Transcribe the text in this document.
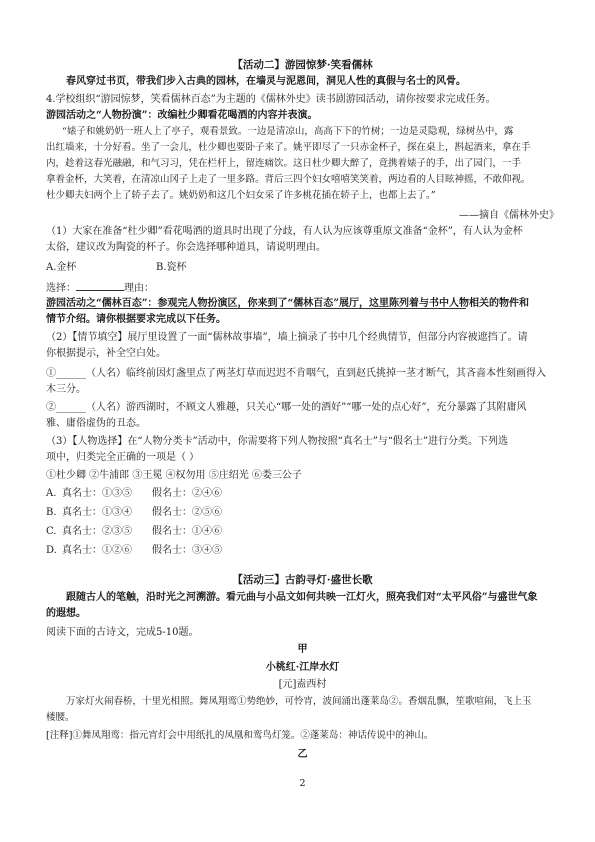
【活动二】游园惊梦·笑看儒林
春风穿过书页，带我们步入古典的园林，在墙灵与泥恩间，洞见人性的真假与名士的风骨。
4.学校组织“游园惊梦，笑看儒林百态”为主题的《儒林外史》读书剧游园活动，请你按要求完成任务。
游园活动之“人物扮演”：改编杜少卿看花喝酒的内容并表演。
“婊子和姚奶奶一班人上了亭子，观看景致。一边是清凉山，高高下下的竹树；一边是灵隐观，绿树丛中，露
出红墙来，十分好看。坐了一会儿，杜少卿也要卧子来了。姚平即尽了一只赤金杯子，探在桌上，斟起酒来，拿在手
内，趁着这春光融融，和气习习，凭在栏杆上，留连痛饮。这日杜少卿大醉了，竟携着婊子的手，出了园门，一手
拿着金杯，大笑着，在清凉山冈子上走了一里多路。背后三四个妇女嘻嘻笑笑着，两边看的人目眩神摇，不敢仰视。
杜少卿夫妇两个上了轿子去了。姚奶奶和这几个妇女采了许多桃花插在轿子上，也都上去了。”
——摘自《儒林外史》
（1）大家在准备“杜少卿”看花喝酒的道具时出现了分歧，有人认为应该尊重原文准备“金杯”，有人认为金杯
太俗，建议改为陶瓷的杯子。你会选择哪种道具，请说明理由。
A.金杯	B.瓷杯
选择：	理由：
游园活动之“儒林百态”：参观完人物扮演区，你来到了“儒林百态”展厅，这里陈列着与书中人物相关的物件和
情节介绍。请你根据要求完成以下任务。
（2）【情节填空】展厅里设置了一面“儒林故事墙”，墙上摘录了书中几个经典情节，但部分内容被遮挡了。请
你根据提示，补全空白处。
①______（人名）临终前因灯盏里点了两茎灯草而迟迟不肯咽气，直到赵氏挑掉一茎才断气，其吝啬本性刻画得入
木三分。
②______（人名）游西湖时，不顾文人雅趣，只关心“哪一处的酒好”“哪一处的点心好”，充分暴露了其附庸风
雅、庸俗虚伪的丑态。
（3）【人物选择】在“人物分类卡”活动中，你需要将下列人物按照“真名士”与“假名士”进行分类。下列选
项中，归类完全正确的一项是（ ）
①杜少卿 ②牛浦郎 ③王冕 ④权勿用 ⑤庄绍光 ⑥娄三公子
A. 真名士：①③⑤ 假名士：②④⑥
B. 真名士：①③④ 假名士：②⑤⑥
C. 真名士：②③⑤ 假名士：①④⑥
D. 真名士：①②⑥ 假名士：③④⑤
【活动三】古韵寻灯·盛世长歌
跟随古人的笔触，沿时光之河溯游。看元曲与小品文如何共映一江灯火，照亮我们对“太平风俗”与盛世气象
的遐想。
阅读下面的古诗文，完成5-10题。
甲
小桃红·江岸水灯
[元]盍西村
万家灯火闹春桥，十里光相照。舞凤翔鸾①势绝妙，可怜宵，波间涌出蓬莱岛②。香烟乱飘，笙歌喧闹，飞上玉
楼腰。
[注释]①舞凤翔鸾：指元宵灯会中用纸扎的凤凰和鸾鸟灯笼。②蓬莱岛：神话传说中的神山。
乙
2
